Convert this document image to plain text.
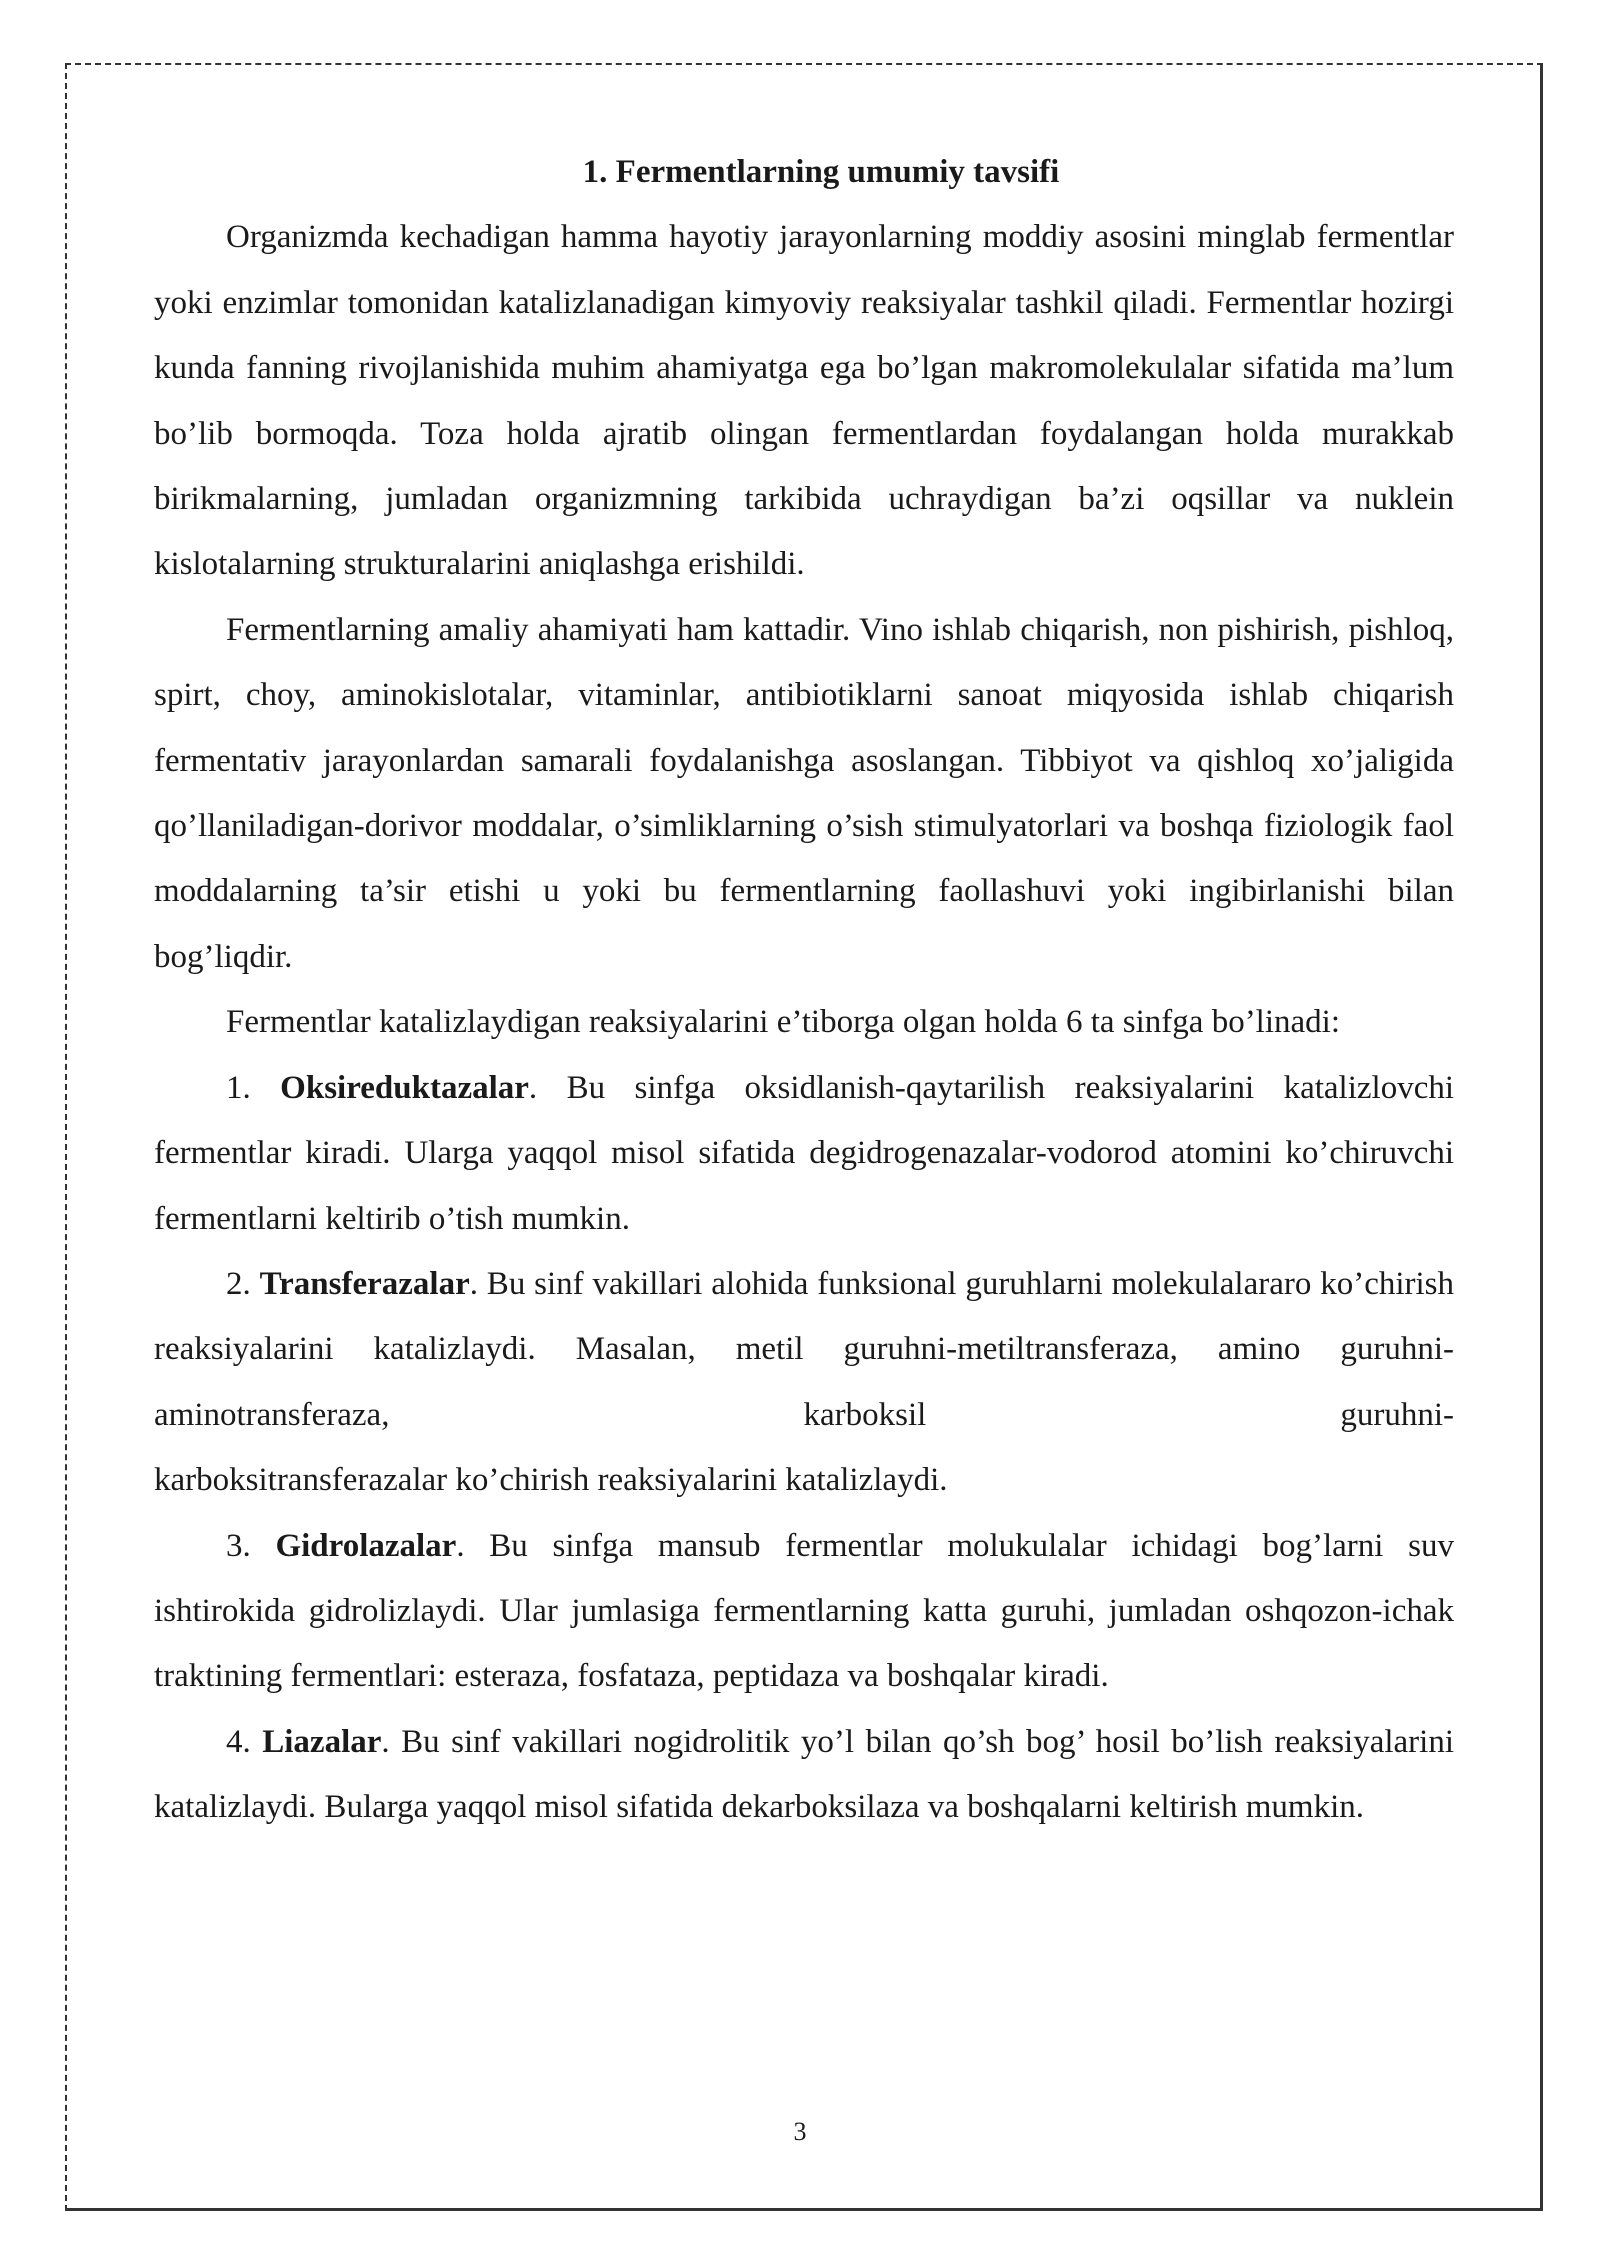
1. Fermentlarning umumiy tavsifi

Organizmda kechadigan hamma hayotiy jarayonlarning moddiy asosini minglab fermentlar yoki enzimlar tomonidan katalizlanadigan kimyoviy reaksiyalar tashkil qiladi. Fermentlar hozirgi kunda fanning rivojlanishida muhim ahamiyatga ega bo’lgan makromolekulalar sifatida ma’lum bo’lib bormoqda. Toza holda ajratib olingan fermentlardan foydalangan holda murakkab birikmalarning, jumladan organizmning tarkibida uchraydigan ba’zi oqsillar va nuklein kislotalarning strukturalarini aniqlashga erishildi.

Fermentlarning amaliy ahamiyati ham kattadir. Vino ishlab chiqarish, non pishirish, pishloq, spirt, choy, aminokislotalar, vitaminlar, antibiotiklarni sanoat miqyosida ishlab chiqarish fermentativ jarayonlardan samarali foydalanishga asoslangan. Tibbiyot va qishloq xo’jaligida qo’llaniladigan-dorivor moddalar, o’simliklarning o’sish stimulyatorlari va boshqa fiziologik faol moddalarning ta’sir etishi u yoki bu fermentlarning faollashuvi yoki ingibirlanishi bilan bog’liqdir.

Fermentlar katalizlaydigan reaksiyalarini e’tiborga olgan holda 6 ta sinfga bo’linadi:

1. Oksireduktazalar. Bu sinfga oksidlanish-qaytarilish reaksiyalarini katalizlovchi fermentlar kiradi. Ularga yaqqol misol sifatida degidrogenazalar-vodorod atomini ko’chiruvchi fermentlarni keltirib o’tish mumkin.

2. Transferazalar. Bu sinf vakillari alohida funksional guruhlarni molekulalararo ko’chirish reaksiyalarini katalizlaydi. Masalan, metil guruhni-metiltransferaza, amino guruhni-aminotransferaza, karboksil guruhni-

karboksitransferazalar ko’chirish reaksiyalarini katalizlaydi.

3. Gidrolazalar. Bu sinfga mansub fermentlar molukulalar ichidagi bog’larni suv ishtirokida gidrolizlaydi. Ular jumlasiga fermentlarning katta guruhi, jumladan oshqozon-ichak traktining fermentlari: esteraza, fosfataza, peptidaza va boshqalar kiradi.

4. Liazalar. Bu sinf vakillari nogidrolitik yo’l bilan qo’sh bog’ hosil bo’lish reaksiyalarini katalizlaydi. Bularga yaqqol misol sifatida dekarboksilaza va boshqalarni keltirish mumkin.

3
